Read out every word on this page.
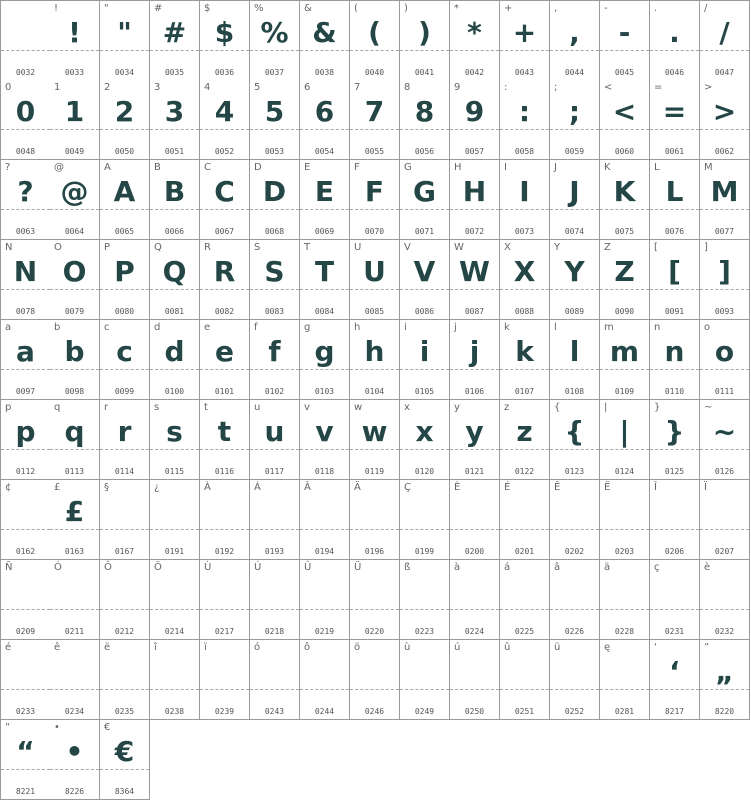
0032
!
!
0033
"
"
0034
#
#
0035
$
$
0036
%
%
0037
&
&
0038
(
(
0040
)
)
0041
*
*
0042
+
+
0043
,
,
0044
-
-
0045
.
.
0046
/
/
0047
0
0
0048
1
1
0049
2
2
0050
3
3
0051
4
4
0052
5
5
0053
6
6
0054
7
7
0055
8
8
0056
9
9
0057
:
:
0058
;
;
0059
<
<
0060
=
=
0061
>
>
0062
?
?
0063
@
@
0064
A
A
0065
B
B
0066
C
C
0067
D
D
0068
E
E
0069
F
F
0070
G
G
0071
H
H
0072
I
I
0073
J
J
0074
K
K
0075
L
L
0076
M
M
0077
N
N
0078
O
O
0079
P
P
0080
Q
Q
0081
R
R
0082
S
S
0083
T
T
0084
U
U
0085
V
V
0086
W
W
0087
X
X
0088
Y
Y
0089
Z
Z
0090
[
[
0091
]
]
0093
a
a
0097
b
b
0098
c
c
0099
d
d
0100
e
e
0101
f
f
0102
g
g
0103
h
h
0104
i
i
0105
j
j
0106
k
k
0107
l
l
0108
m
m
0109
n
n
0110
o
o
0111
p
p
0112
q
q
0113
r
r
0114
s
s
0115
t
t
0116
u
u
0117
v
v
0118
w
w
0119
x
x
0120
y
y
0121
z
z
0122
{
{
0123
|
|
0124
}
}
0125
~
~
0126
¢
0162
£
£
0163
§
0167
¿
0191
À
0192
Á
0193
Â
0194
Ä
0196
Ç
0199
È
0200
É
0201
Ê
0202
Ë
0203
Î
0206
Ï
0207
Ñ
0209
Ó
0211
Ô
0212
Ö
0214
Ù
0217
Ú
0218
Û
0219
Ü
0220
ß
0223
à
0224
á
0225
â
0226
ä
0228
ç
0231
è
0232
é
0233
ê
0234
ë
0235
î
0238
ï
0239
ó
0243
ô
0244
ö
0246
ù
0249
ú
0250
û
0251
ü
0252
ę
0281
‘
‘
8217
”
„
8220
“
“
8221
•
•
8226
€
€
8364
